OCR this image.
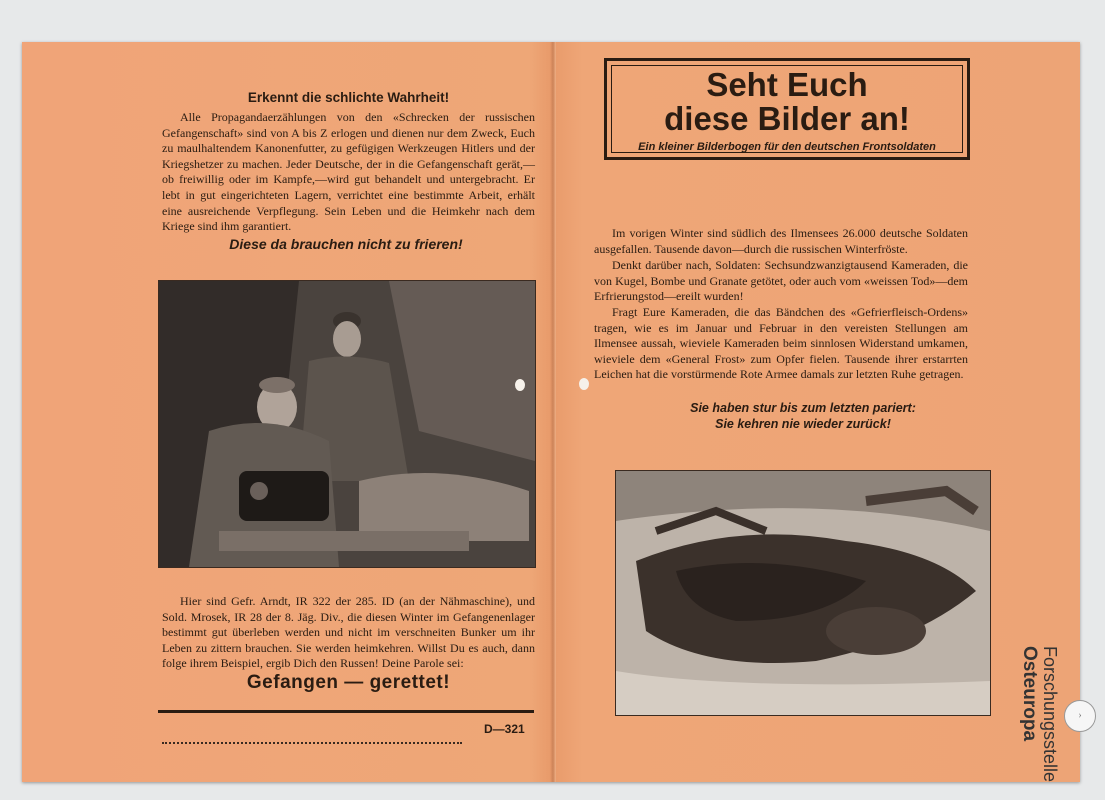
Erkennt die schlichte Wahrheit!
Alle Propagandaerzählungen von den «Schrecken der russischen Gefangenschaft» sind von A bis Z erlogen und dienen nur dem Zweck, Euch zu maulhaltendem Kanonenfutter, zu gefügigen Werkzeugen Hitlers und der Kriegshetzer zu machen. Jeder Deutsche, der in die Gefangenschaft gerät,—ob freiwillig oder im Kampfe,—wird gut behandelt und untergebracht. Er lebt in gut eingerichteten Lagern, verrichtet eine bestimmte Arbeit, erhält eine ausreichende Verpflegung. Sein Leben und die Heimkehr nach dem Kriege sind ihm garantiert.
Diese da brauchen nicht zu frieren!
Hier sind Gefr. Arndt, IR 322 der 285. ID (an der Nähmaschine), und Sold. Mrosek, IR 28 der 8. Jäg. Div., die diesen Winter im Gefangenenlager bestimmt gut überleben werden und nicht im verschneiten Bunker um ihr Leben zu zittern brauchen. Sie werden heimkehren. Willst Du es auch, dann folge ihrem Beispiel, ergib Dich den Russen! Deine Parole sei:
Gefangen — gerettet!
D—321
Seht Euch
diese Bilder an!
Ein kleiner Bilderbogen für den deutschen Frontsoldaten
Im vorigen Winter sind südlich des Ilmensees 26.000 deutsche Soldaten ausgefallen. Tausende davon—durch die russischen Winterfröste.
Denkt darüber nach, Soldaten: Sechsundzwanzigtausend Kameraden, die von Kugel, Bombe und Granate getötet, oder auch vom «weissen Tod»—dem Erfrierungstod—ereilt wurden!
Fragt Eure Kameraden, die das Bändchen des «Gefrierfleisch-Ordens» tragen, wie es im Januar und Februar in den vereisten Stellungen am Ilmensee aussah, wieviele Kameraden beim sinnlosen Widerstand umkamen, wieviele dem «General Frost» zum Opfer fielen. Tausende ihrer erstarrten Leichen hat die vorstürmende Rote Armee damals zur letzten Ruhe getragen.
Sie haben stur bis zum letzten pariert:
Sie kehren nie wieder zurück!
Forschungsstelle
Osteuropa	›
